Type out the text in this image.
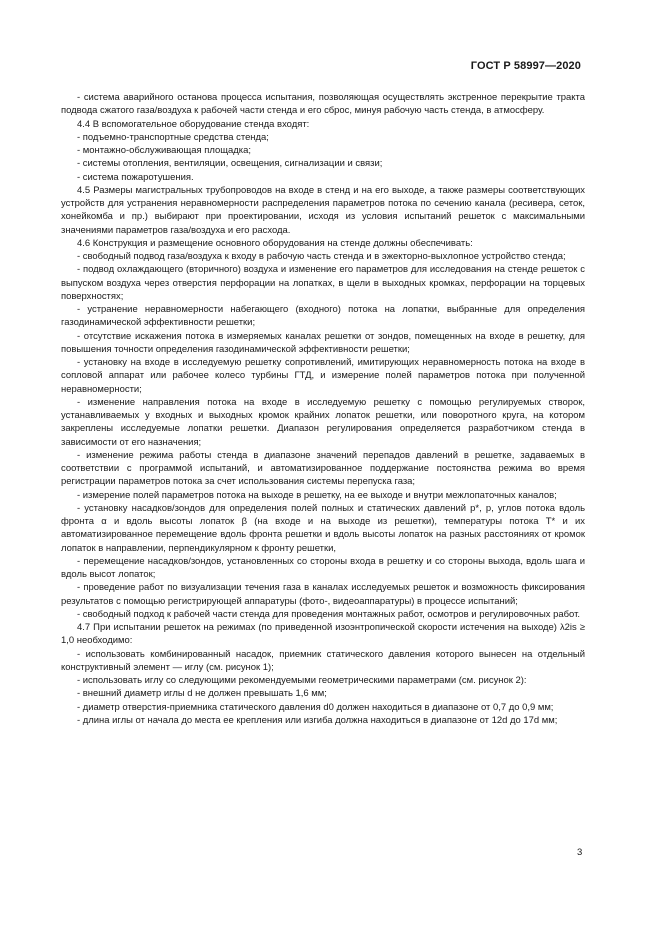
ГОСТ Р 58997—2020

- система аварийного останова процесса испытания, позволяющая осуществлять экстренное перекрытие тракта подвода сжатого газа/воздуха к рабочей части стенда и его сброс, минуя рабочую часть стенда, в атмосферу.

4.4 В вспомогательное оборудование стенда входят:

- подъемно-транспортные средства стенда;

- монтажно-обслуживающая площадка;

- системы отопления, вентиляции, освещения, сигнализации и связи;

- система пожаротушения.

4.5 Размеры магистральных трубопроводов на входе в стенд и на его выходе, а также размеры соответствующих устройств для устранения неравномерности распределения параметров потока по сечению канала (ресивера, сеток, хонейкомба и пр.) выбирают при проектировании, исходя из условия испытаний решеток с максимальными значениями параметров газа/воздуха и его расхода.

4.6 Конструкция и размещение основного оборудования на стенде должны обеспечивать:

- свободный подвод газа/воздуха к входу в рабочую часть стенда и в эжекторно-выхлопное устройство стенда;

- подвод охлаждающего (вторичного) воздуха и изменение его параметров для исследования на стенде решеток с выпуском воздуха через отверстия перфорации на лопатках, в щели в выходных кромках, перфорации на торцевых поверхностях;

- устранение неравномерности набегающего (входного) потока на лопатки, выбранные для определения газодинамической эффективности решетки;

- отсутствие искажения потока в измеряемых каналах решетки от зондов, помещенных на входе в решетку, для повышения точности определения газодинамической эффективности решетки;

- установку на входе в исследуемую решетку сопротивлений, имитирующих неравномерность потока на входе в сопловой аппарат или рабочее колесо турбины ГТД, и измерение полей параметров потока при полученной неравномерности;

- изменение направления потока на входе в исследуемую решетку с помощью регулируемых створок, устанавливаемых у входных и выходных кромок крайних лопаток решетки, или поворотного круга, на котором закреплены исследуемые лопатки решетки. Диапазон регулирования определяется разработчиком стенда в зависимости от его назначения;

- изменение режима работы стенда в диапазоне значений перепадов давлений в решетке, задаваемых в соответствии с программой испытаний, и автоматизированное поддержание постоянства режима во время регистрации параметров потока за счет использования системы перепуска газа;

- измерение полей параметров потока на выходе в решетку, на ее выходе и внутри межлопаточных каналов;

- установку насадков/зондов для определения полей полных и статических давлений p*, p, углов потока вдоль фронта α и вдоль высоты лопаток β (на входе и на выходе из решетки), температуры потока T* и их автоматизированное перемещение вдоль фронта решетки и вдоль высоты лопаток на разных расстояниях от кромок лопаток в направлении, перпендикулярном к фронту решетки,

- перемещение насадков/зондов, установленных со стороны входа в решетку и со стороны выхода, вдоль шага и вдоль высот лопаток;

- проведение работ по визуализации течения газа в каналах исследуемых решеток и возможность фиксирования результатов с помощью регистрирующей аппаратуры (фото-, видеоаппаратуры) в процессе испытаний;

- свободный подход к рабочей части стенда для проведения монтажных работ, осмотров и регулировочных работ.

4.7 При испытании решеток на режимах (по приведенной изоэнтропической скорости истечения на выходе) λ2is ≥ 1,0 необходимо:

- использовать комбинированный насадок, приемник статического давления которого вынесен на отдельный конструктивный элемент — иглу (см. рисунок 1);

- использовать иглу со следующими рекомендуемыми геометрическими параметрами (см. рисунок 2):

- внешний диаметр иглы d не должен превышать 1,6 мм;

- диаметр отверстия-приемника статического давления d0 должен находиться в диапазоне от 0,7 до 0,9 мм;

- длина иглы от начала до места ее крепления или изгиба должна находиться в диапазоне от 12d до 17d мм;

3
